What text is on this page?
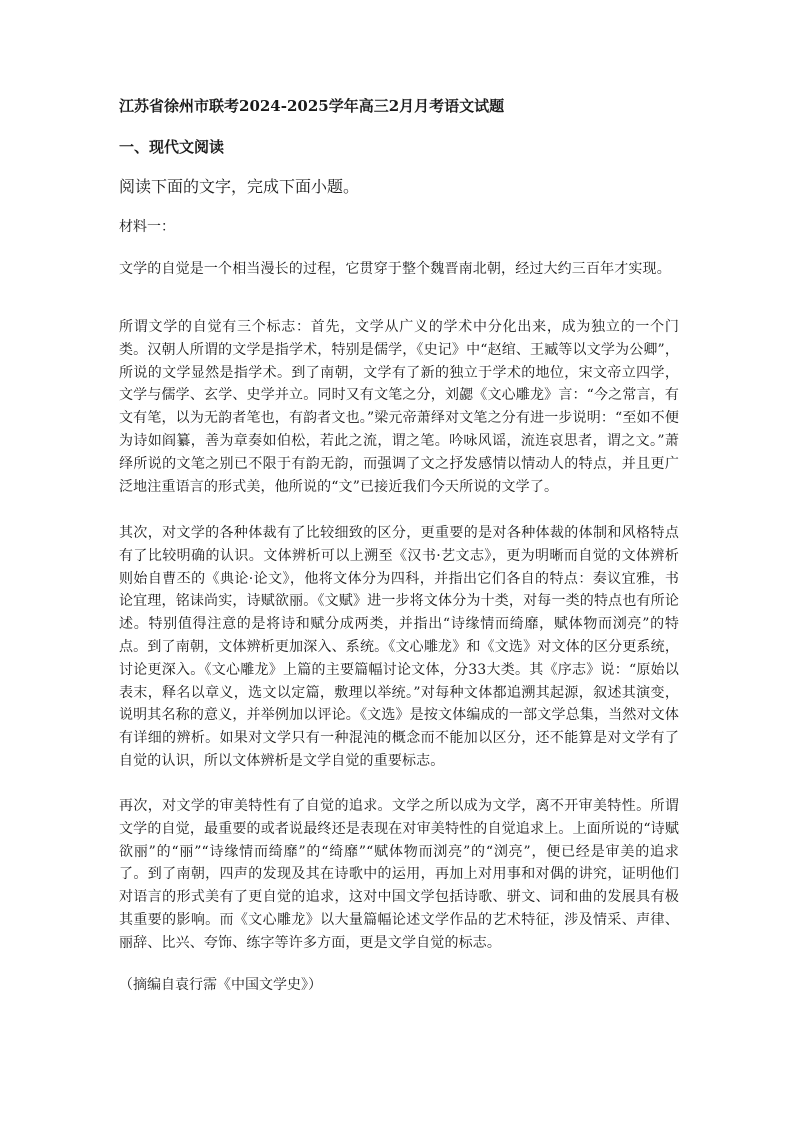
江苏省徐州市联考2024-2025学年高三2月月考语文试题
一、现代文阅读
阅读下面的文字，完成下面小题。
材料一：

文学的自觉是一个相当漫长的过程，它贯穿于整个魏晋南北朝，经过大约三百年才实现。

所谓文学的自觉有三个标志：首先，文学从广义的学术中分化出来，成为独立的一个门类。汉朝人所谓的文学是指学术，特别是儒学，《史记》中“赵绾、王臧等以文学为公卿”，所说的文学显然是指学术。到了南朝，文学有了新的独立于学术的地位，宋文帝立四学，文学与儒学、玄学、史学并立。同时又有文笔之分，刘勰《文心雕龙》言：“今之常言，有文有笔，以为无韵者笔也，有韵者文也。”梁元帝萧绎对文笔之分有进一步说明：“至如不便为诗如阎纂，善为章奏如伯松，若此之流，谓之笔。吟咏风谣，流连哀思者，谓之文。”萧绎所说的文笔之别已不限于有韵无韵，而强调了文之抒发感情以情动人的特点，并且更广泛地注重语言的形式美，他所说的“文”已接近我们今天所说的文学了。

其次，对文学的各种体裁有了比较细致的区分，更重要的是对各种体裁的体制和风格特点有了比较明确的认识。文体辨析可以上溯至《汉书·艺文志》，更为明晰而自觉的文体辨析则始自曹丕的《典论·论文》，他将文体分为四科，并指出它们各自的特点：奏议宜雅，书论宜理，铭诔尚实，诗赋欲丽。《文赋》进一步将文体分为十类，对每一类的特点也有所论述。特别值得注意的是将诗和赋分成两类，并指出“诗缘情而绮靡，赋体物而浏亮”的特点。到了南朝，文体辨析更加深入、系统。《文心雕龙》和《文选》对文体的区分更系统，讨论更深入。《文心雕龙》上篇的主要篇幅讨论文体，分33大类。其《序志》说：“原始以表末，释名以章义，选文以定篇，敷理以举统。”对每种文体都追溯其起源，叙述其演变，说明其名称的意义，并举例加以评论。《文选》是按文体编成的一部文学总集，当然对文体有详细的辨析。如果对文学只有一种混沌的概念而不能加以区分，还不能算是对文学有了自觉的认识，所以文体辨析是文学自觉的重要标志。

再次，对文学的审美特性有了自觉的追求。文学之所以成为文学，离不开审美特性。所谓文学的自觉，最重要的或者说最终还是表现在对审美特性的自觉追求上。上面所说的“诗赋欲丽”的“丽”“诗缘情而绮靡”的“绮靡”“赋体物而浏亮”的“浏亮”，便已经是审美的追求了。到了南朝，四声的发现及其在诗歌中的运用，再加上对用事和对偶的讲究，证明他们对语言的形式美有了更自觉的追求，这对中国文学包括诗歌、骈文、词和曲的发展具有极其重要的影响。而《文心雕龙》以大量篇幅论述文学作品的艺术特征，涉及情采、声律、丽辞、比兴、夸饰、练字等许多方面，更是文学自觉的标志。

（摘编自袁行霈《中国文学史》）
